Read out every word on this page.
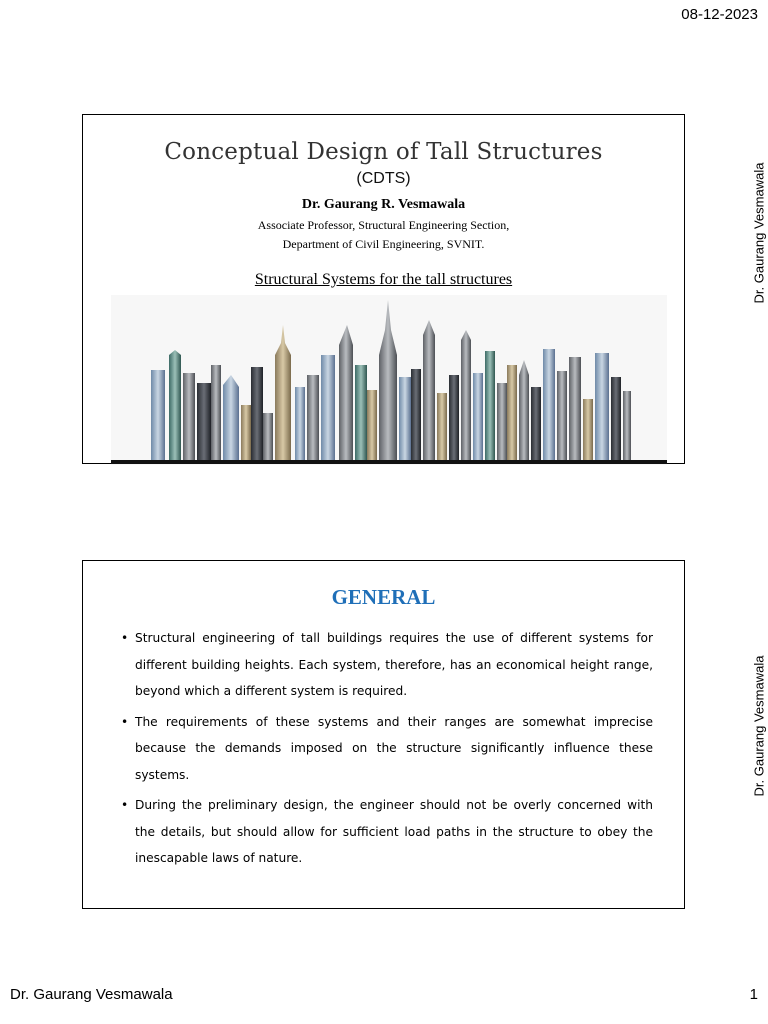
08-12-2023
Conceptual Design of Tall Structures
(CDTS)
Dr. Gaurang R. Vesmawala
Associate Professor, Structural Engineering Section,
Department of Civil Engineering, SVNIT.
Structural Systems for the tall structures	Dr. Gaurang Vesmawala
GENERAL
• Structural engineering of tall buildings requires the use of different systems for different building heights. Each system, therefore, has an economical height range, beyond which a different system is required.
• The requirements of these systems and their ranges are somewhat imprecise because the demands imposed on the structure significantly influence these systems.
• During the preliminary design, the engineer should not be overly concerned with the details, but should allow for sufficient load paths in the structure to obey the inescapable laws of nature.
Dr. Gaurang Vesmawala
Dr. Gaurang Vesmawala	1
